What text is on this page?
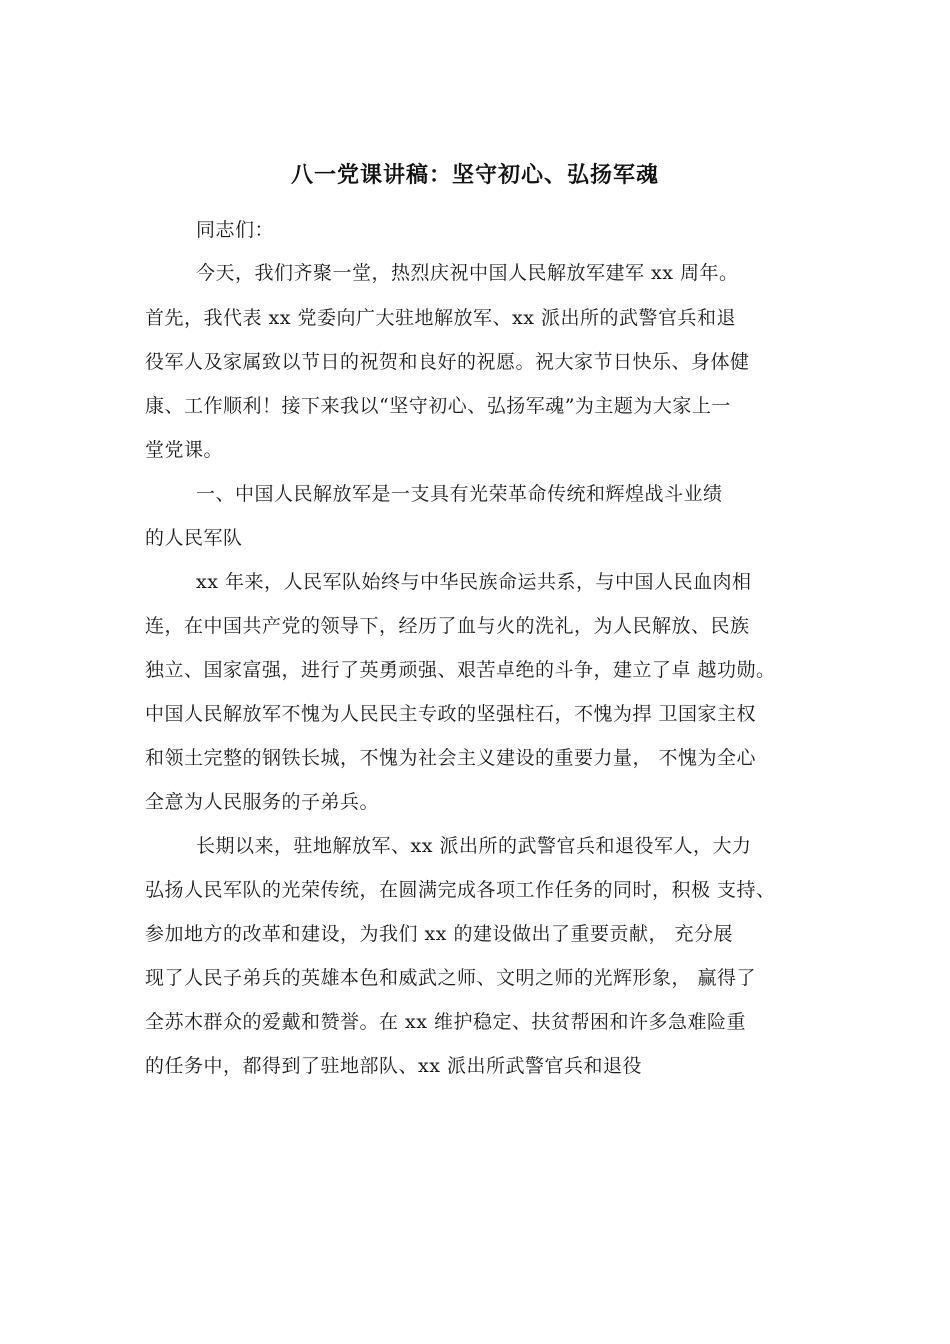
八一党课讲稿：坚守初心、弘扬军魂
同志们：
今天，我们齐聚一堂，热烈庆祝中国人民解放军建军 xx 周年。
首先，我代表 xx 党委向广大驻地解放军、xx 派出所的武警官兵和退
役军人及家属致以节日的祝贺和良好的祝愿。祝大家节日快乐、身体健
康、工作顺利！接下来我以“坚守初心、弘扬军魂”为主题为大家上一
堂党课。
一、中国人民解放军是一支具有光荣革命传统和辉煌战斗业绩
的人民军队
xx 年来，人民军队始终与中华民族命运共系，与中国人民血肉相
连，在中国共产党的领导下，经历了血与火的洗礼，为人民解放、民族
独立、国家富强，进行了英勇顽强、艰苦卓绝的斗争，建立了卓 越功勋。
中国人民解放军不愧为人民民主专政的坚强柱石，不愧为捍 卫国家主权
和领土完整的钢铁长城，不愧为社会主义建设的重要力量， 不愧为全心
全意为人民服务的子弟兵。
长期以来，驻地解放军、xx 派出所的武警官兵和退役军人，大力
弘扬人民军队的光荣传统，在圆满完成各项工作任务的同时，积极 支持、
参加地方的改革和建设，为我们 xx 的建设做出了重要贡献， 充分展
现了人民子弟兵的英雄本色和威武之师、文明之师的光辉形象， 赢得了
全苏木群众的爱戴和赞誉。在 xx 维护稳定、扶贫帮困和许多急难险重
的任务中，都得到了驻地部队、xx 派出所武警官兵和退役
